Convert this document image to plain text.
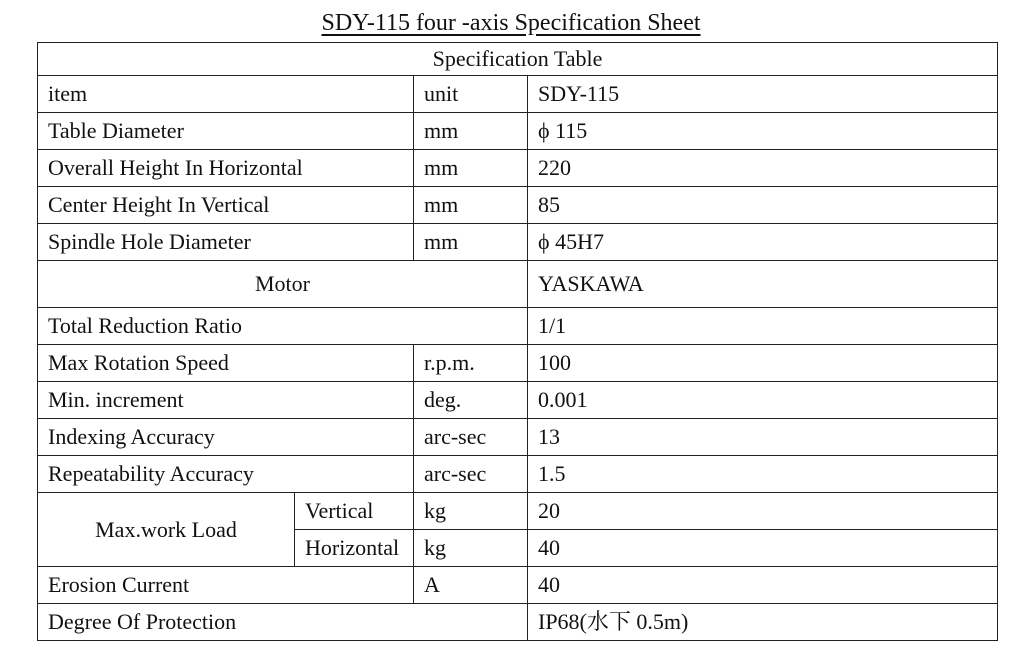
SDY-115 four -axis Specification Sheet
Specification Table			
item		unit	SDY-115
Table Diameter		mm	ϕ 115
Overall Height In Horizontal		mm	220
Center Height In Vertical		mm	85
Spindle Hole Diameter		mm	ϕ 45H7
Motor			YASKAWA
Total Reduction Ratio			1/1
Max Rotation Speed		r.p.m.	100
Min. increment		deg.	0.001
Indexing Accuracy		arc-sec	13
Repeatability Accuracy		arc-sec	1.5
Max.work Load	Vertical	kg	20
	Horizontal	kg	40
Erosion Current		A	40
Degree Of Protection			IP68(水下 0.5m)
